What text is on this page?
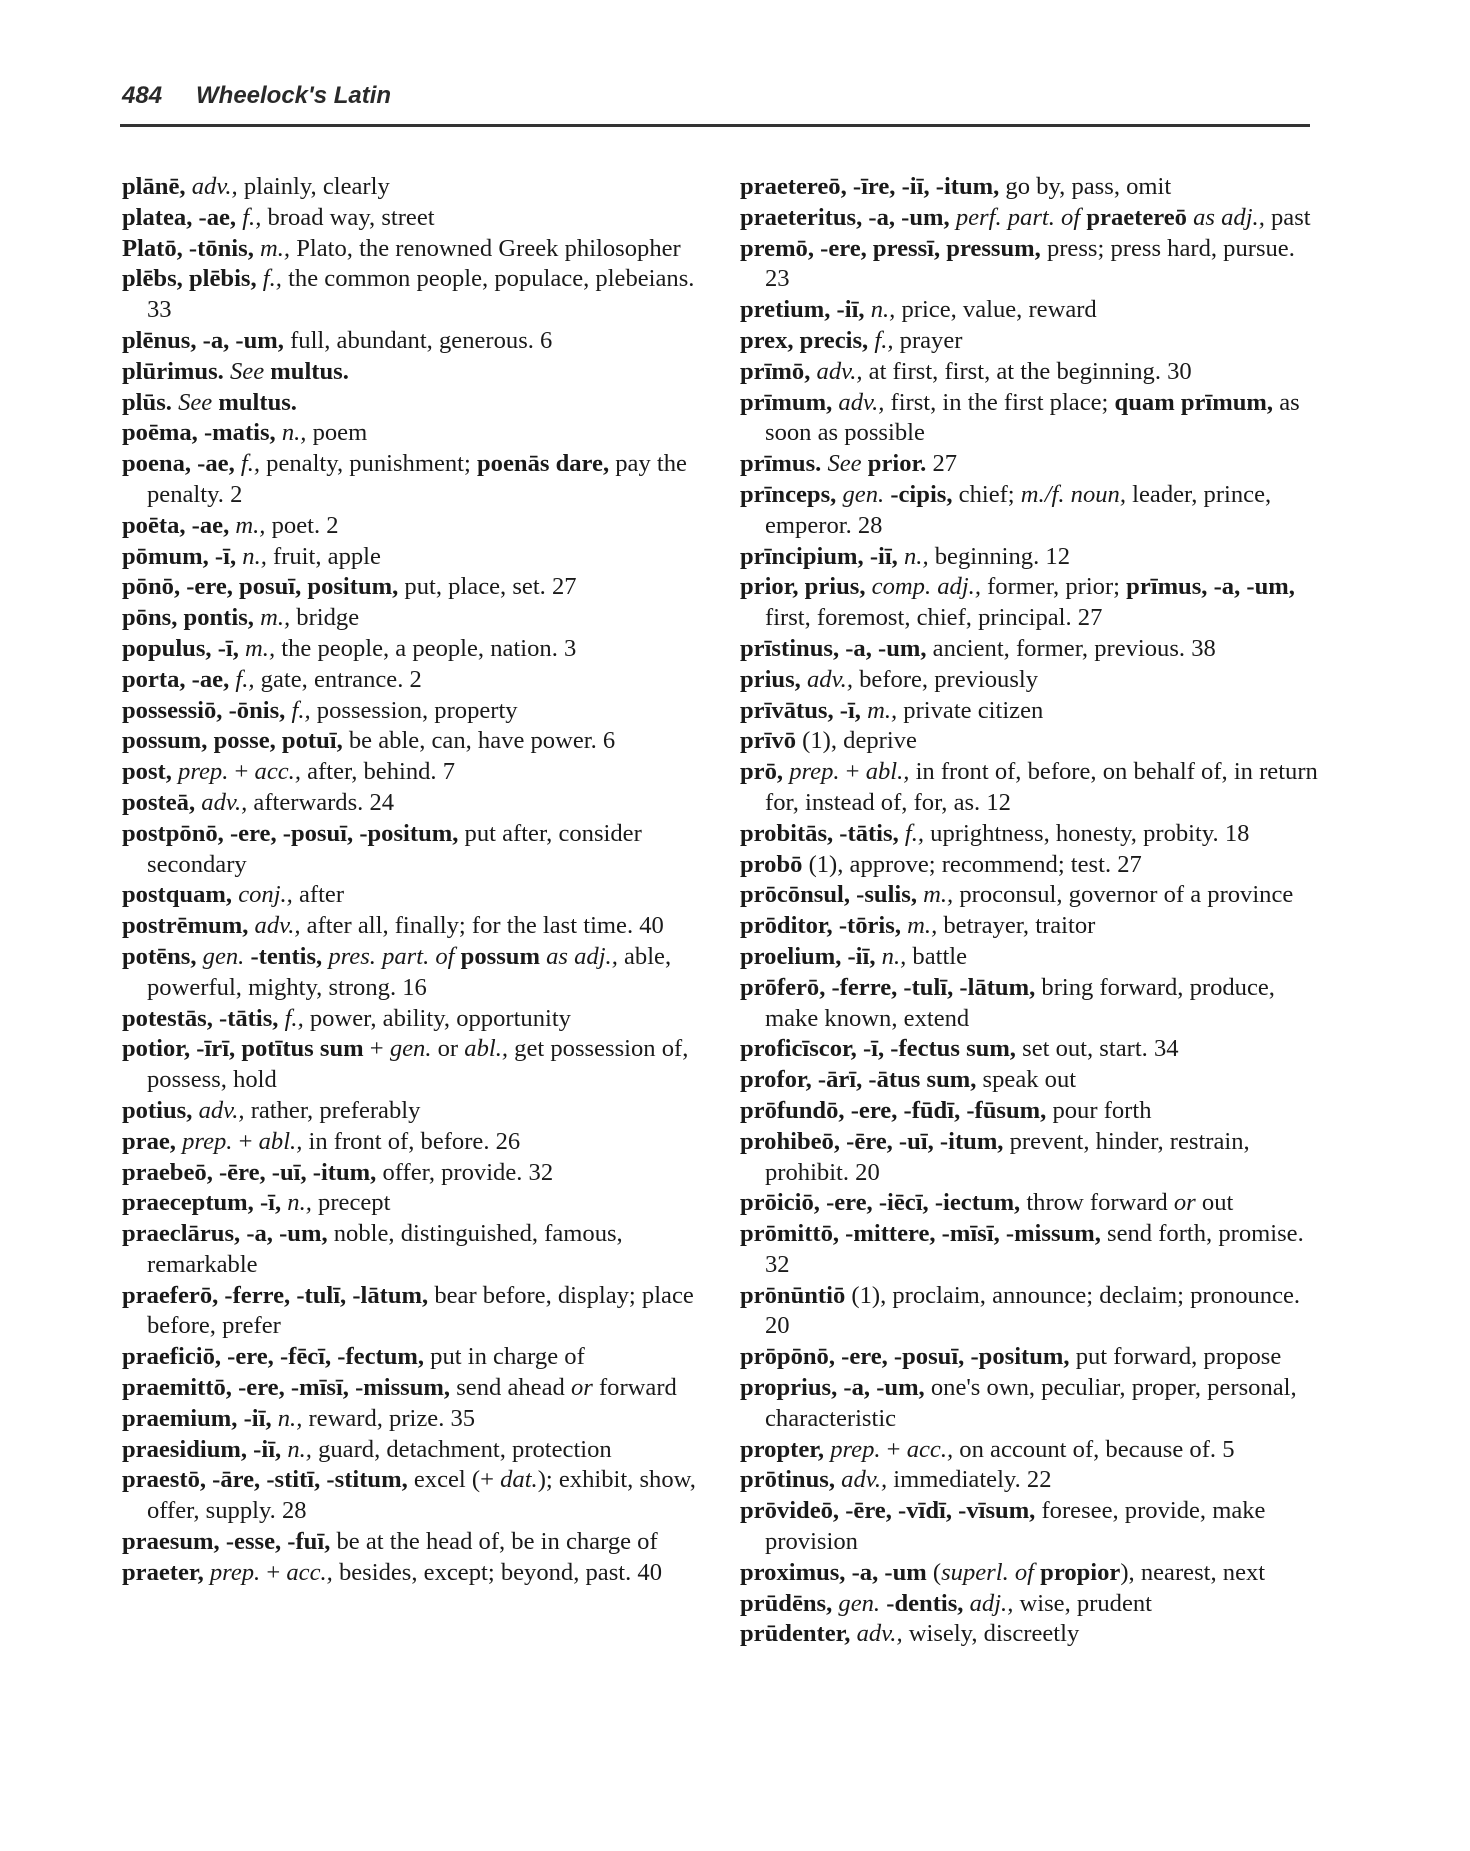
484 Wheelock's Latin

plānē, adv., plainly, clearly

platea, -ae, f., broad way, street

Platō, -tōnis, m., Plato, the renowned Greek philosopher

plēbs, plēbis, f., the common people, populace, plebeians. 33

plēnus, -a, -um, full, abundant, generous. 6

plūrimus. See multus.

plūs. See multus.

poēma, -matis, n., poem

poena, -ae, f., penalty, punishment; poenās dare, pay the penalty. 2

poēta, -ae, m., poet. 2

pōmum, -ī, n., fruit, apple

pōnō, -ere, posuī, positum, put, place, set. 27

pōns, pontis, m., bridge

populus, -ī, m., the people, a people, nation. 3

porta, -ae, f., gate, entrance. 2

possessiō, -ōnis, f., possession, property

possum, posse, potuī, be able, can, have power. 6

post, prep. + acc., after, behind. 7

posteā, adv., afterwards. 24

postpōnō, -ere, -posuī, -positum, put after, consider secondary

postquam, conj., after

postrēmum, adv., after all, finally; for the last time. 40

potēns, gen. -tentis, pres. part. of possum as adj., able, powerful, mighty, strong. 16

potestās, -tātis, f., power, ability, opportunity

potior, -īrī, potītus sum + gen. or abl., get possession of, possess, hold

potius, adv., rather, preferably

prae, prep. + abl., in front of, before. 26

praebeō, -ēre, -uī, -itum, offer, provide. 32

praeceptum, -ī, n., precept

praeclārus, -a, -um, noble, distinguished, famous, remarkable

praeferō, -ferre, -tulī, -lātum, bear before, display; place before, prefer

praeficiō, -ere, -fēcī, -fectum, put in charge of

praemittō, -ere, -mīsī, -missum, send ahead or forward

praemium, -iī, n., reward, prize. 35

praesidium, -iī, n., guard, detachment, protection

praestō, -āre, -stitī, -stitum, excel (+ dat.); exhibit, show, offer, supply. 28

praesum, -esse, -fuī, be at the head of, be in charge of

praeter, prep. + acc., besides, except; beyond, past. 40

praetereō, -īre, -iī, -itum, go by, pass, omit

praeteritus, -a, -um, perf. part. of praetereō as adj., past

premō, -ere, pressī, pressum, press; press hard, pursue. 23

pretium, -iī, n., price, value, reward

prex, precis, f., prayer

prīmō, adv., at first, first, at the beginning. 30

prīmum, adv., first, in the first place; quam prīmum, as soon as possible

prīmus. See prior. 27

prīnceps, gen. -cipis, chief; m./f. noun, leader, prince, emperor. 28

prīncipium, -iī, n., beginning. 12

prior, prius, comp. adj., former, prior; prīmus, -a, -um, first, foremost, chief, principal. 27

prīstinus, -a, -um, ancient, former, previous. 38

prius, adv., before, previously

prīvātus, -ī, m., private citizen

prīvō (1), deprive

prō, prep. + abl., in front of, before, on behalf of, in return for, instead of, for, as. 12

probitās, -tātis, f., uprightness, honesty, probity. 18

probō (1), approve; recommend; test. 27

prōcōnsul, -sulis, m., proconsul, governor of a province

prōditor, -tōris, m., betrayer, traitor

proelium, -iī, n., battle

prōferō, -ferre, -tulī, -lātum, bring forward, produce, make known, extend

proficīscor, -ī, -fectus sum, set out, start. 34

profor, -ārī, -ātus sum, speak out

prōfundō, -ere, -fūdī, -fūsum, pour forth

prohibeō, -ēre, -uī, -itum, prevent, hinder, restrain, prohibit. 20

prōiciō, -ere, -iēcī, -iectum, throw forward or out

prōmittō, -mittere, -mīsī, -missum, send forth, promise. 32

prōnūntiō (1), proclaim, announce; declaim; pronounce. 20

prōpōnō, -ere, -posuī, -positum, put forward, propose

proprius, -a, -um, one's own, peculiar, proper, personal, characteristic

propter, prep. + acc., on account of, because of. 5

prōtinus, adv., immediately. 22

prōvideō, -ēre, -vīdī, -vīsum, foresee, provide, make provision

proximus, -a, -um (superl. of propior), nearest, next

prūdēns, gen. -dentis, adj., wise, prudent

prūdenter, adv., wisely, discreetly
